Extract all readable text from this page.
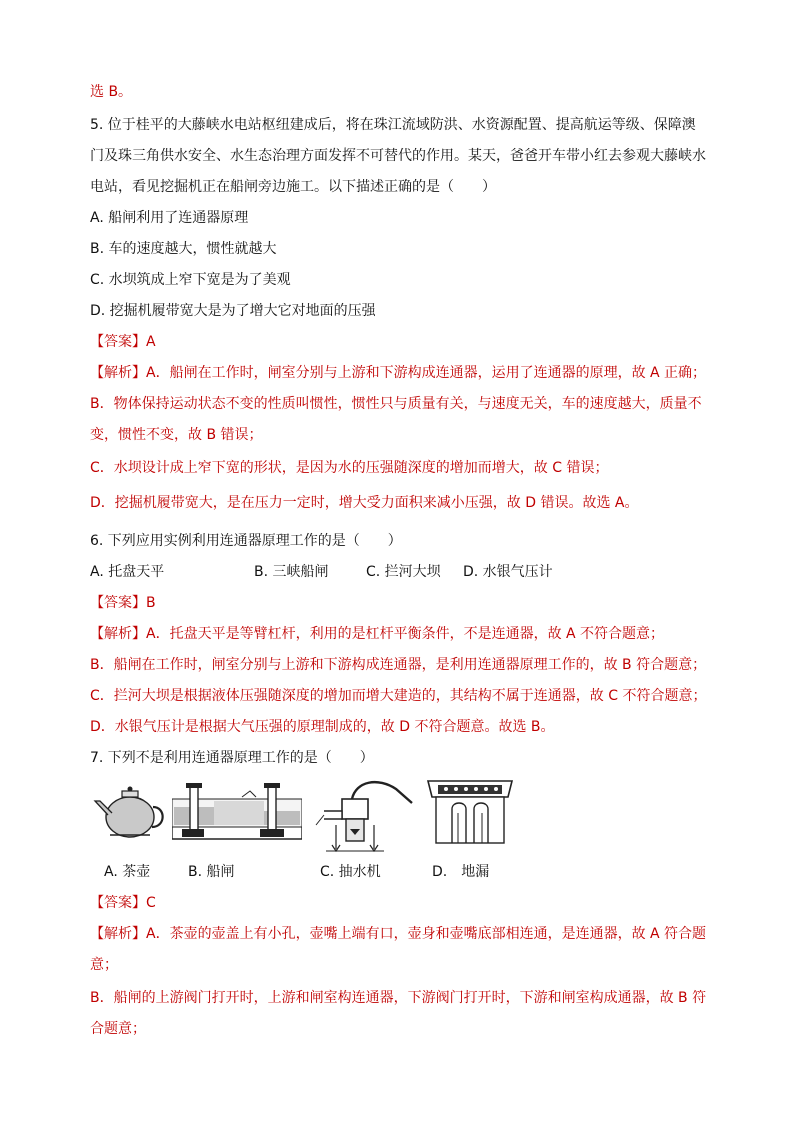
选 B。
5. 位于桂平的大藤峡水电站枢纽建成后，将在珠江流域防洪、水资源配置、提高航运等级、保障澳
门及珠三角供水安全、水生态治理方面发挥不可替代的作用。某天，爸爸开车带小红去参观大藤峡水
电站，看见挖掘机正在船闸旁边施工。以下描述正确的是（　　）
A. 船闸利用了连通器原理
B. 车的速度越大，惯性就越大
C. 水坝筑成上窄下宽是为了美观
D. 挖掘机履带宽大是为了增大它对地面的压强
【答案】A
【解析】A．船闸在工作时，闸室分别与上游和下游构成连通器，运用了连通器的原理，故 A 正确；
B．物体保持运动状态不变的性质叫惯性，惯性只与质量有关，与速度无关，车的速度越大，质量不
变，惯性不变，故 B 错误；
C．水坝设计成上窄下宽的形状，是因为水的压强随深度的增加而增大，故 C 错误；
D．挖掘机履带宽大，是在压力一定时，增大受力面积来减小压强，故 D 错误。故选 A。
6. 下列应用实例利用连通器原理工作的是（　　）
A. 托盘天平	B. 三峡船闸	C. 拦河大坝 D. 水银气压计
【答案】B
【解析】A．托盘天平是等臂杠杆，利用的是杠杆平衡条件，不是连通器，故 A 不符合题意；
B．船闸在工作时，闸室分别与上游和下游构成连通器，是利用连通器原理工作的，故 B 符合题意；
C．拦河大坝是根据液体压强随深度的增加而增大建造的，其结构不属于连通器，故 C 不符合题意；
D．水银气压计是根据大气压强的原理制成的，故 D 不符合题意。故选 B。
7. 下列不是利用连通器原理工作的是（　　）
A. 茶壶	B. 船闸	C. 抽水机	D.　地漏
【答案】C
【解析】A．茶壶的壶盖上有小孔，壶嘴上端有口，壶身和壶嘴底部相连通，是连通器，故 A 符合题
意；
B．船闸的上游阀门打开时，上游和闸室构连通器，下游阀门打开时，下游和闸室构成通器，故 B 符
合题意；
